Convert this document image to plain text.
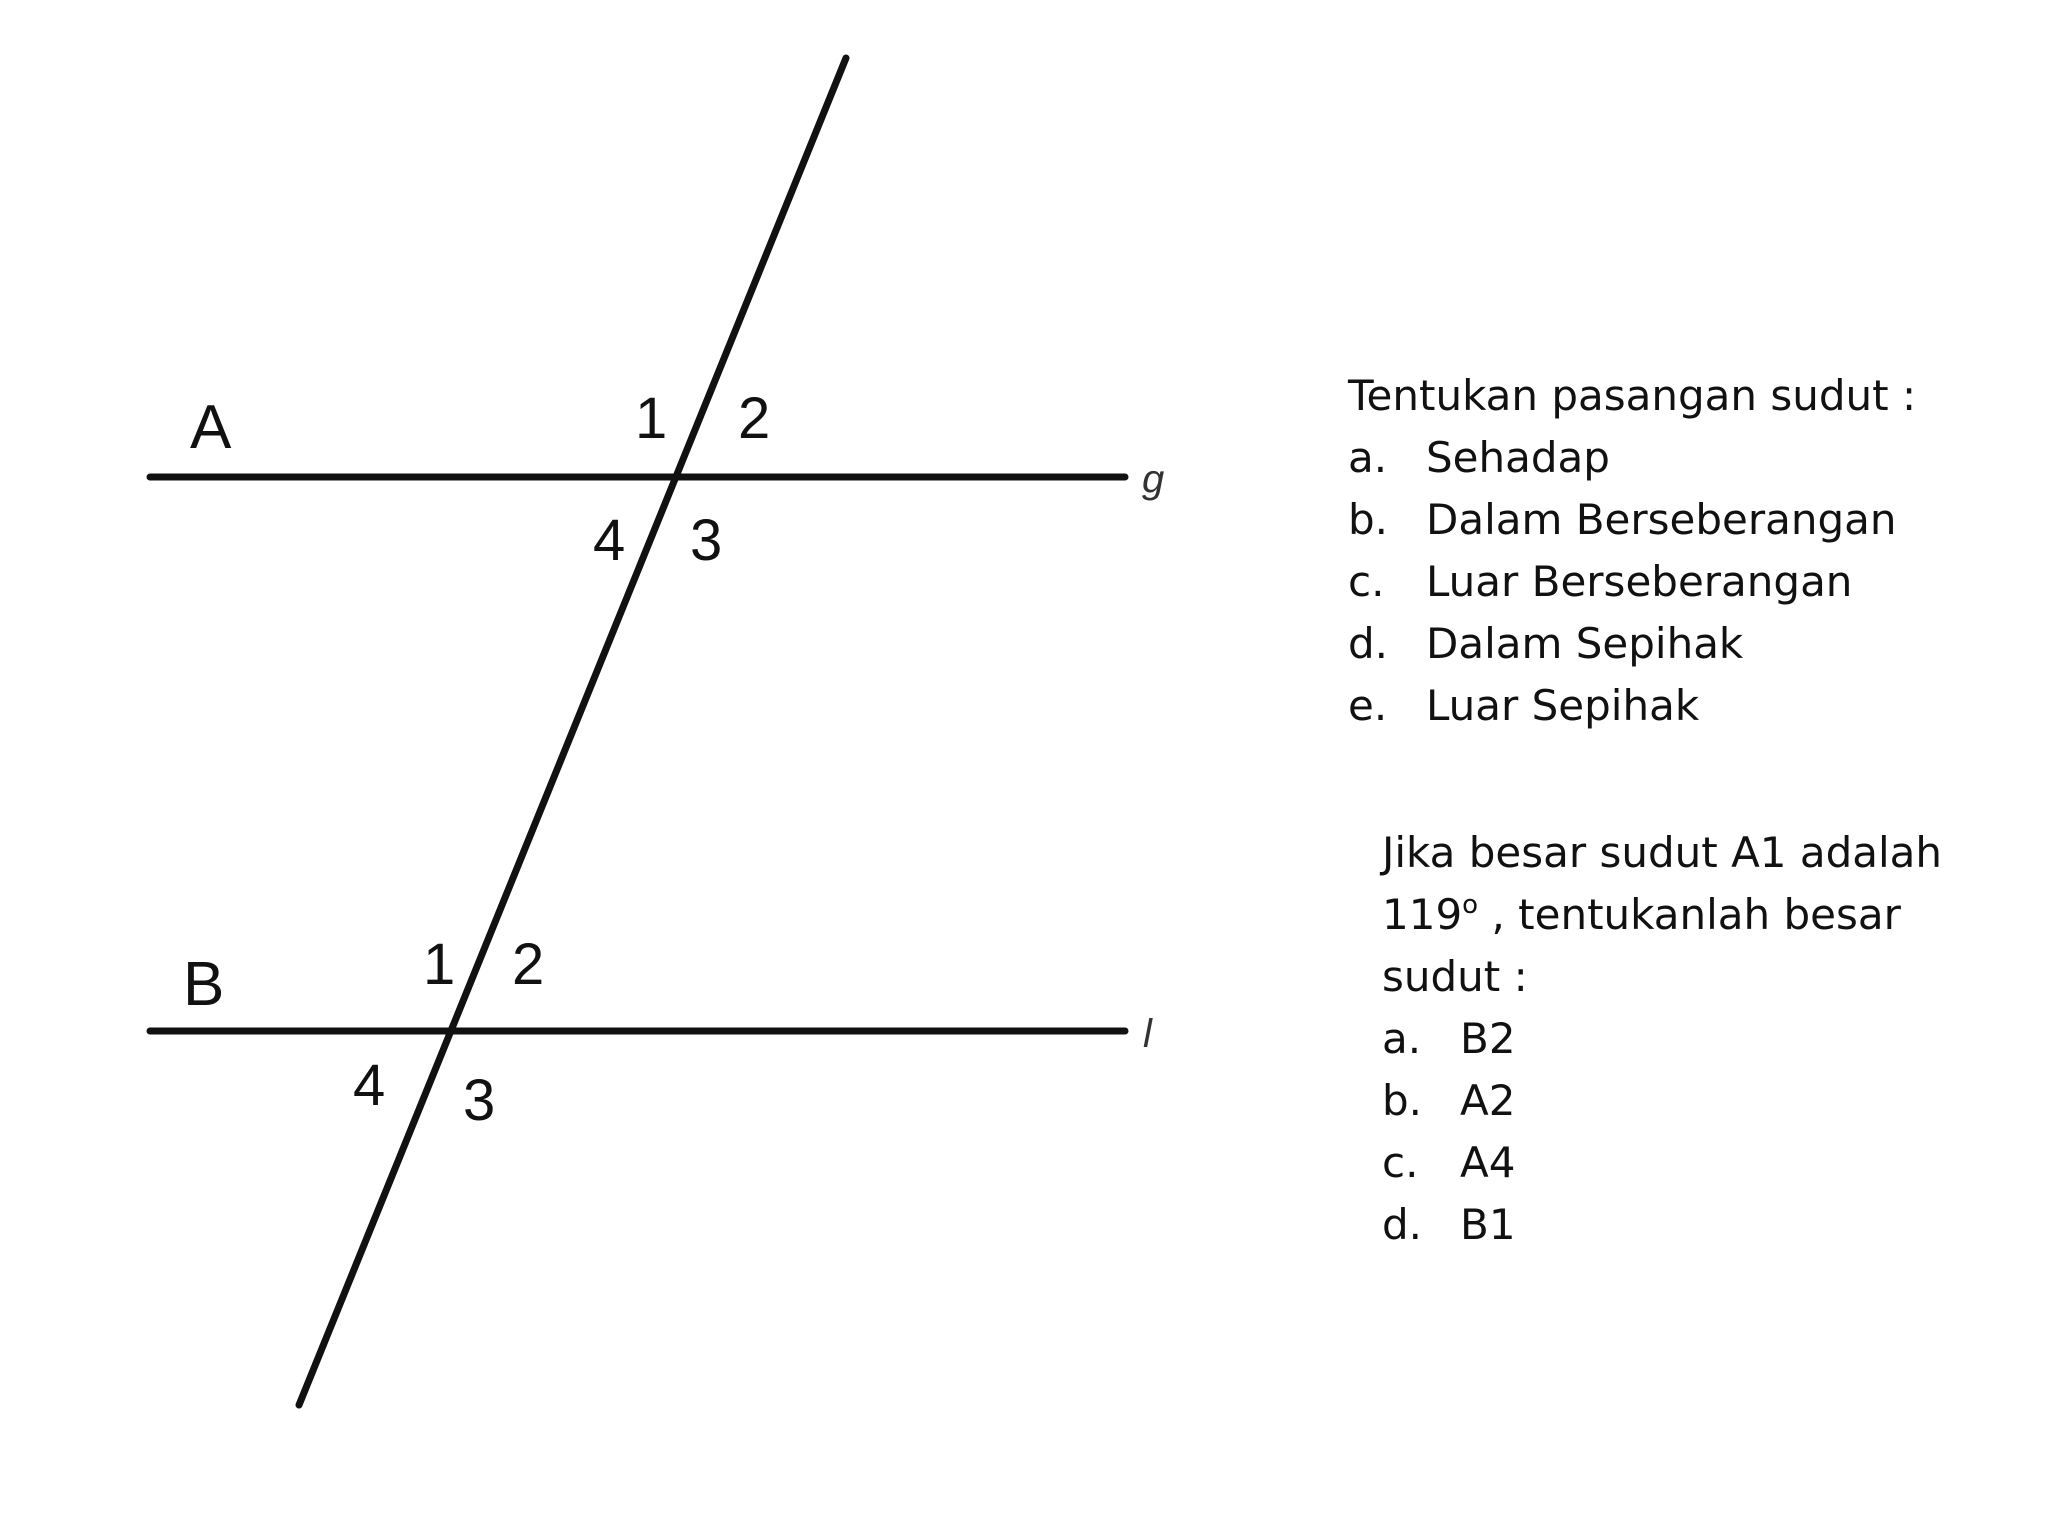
A
B
g
l
1 2
3
4
1 2
3
4

Tentukan pasangan sudut :

a. Sehadap
b. Dalam Berseberangan
c. Luar Berseberangan
d. Dalam Sepihak
e. Luar Sepihak

Jika besar sudut A1 adalah 119$^o$ , tentukanlah besar sudut :

a. B2
b. A2
c. A4
d. B1
